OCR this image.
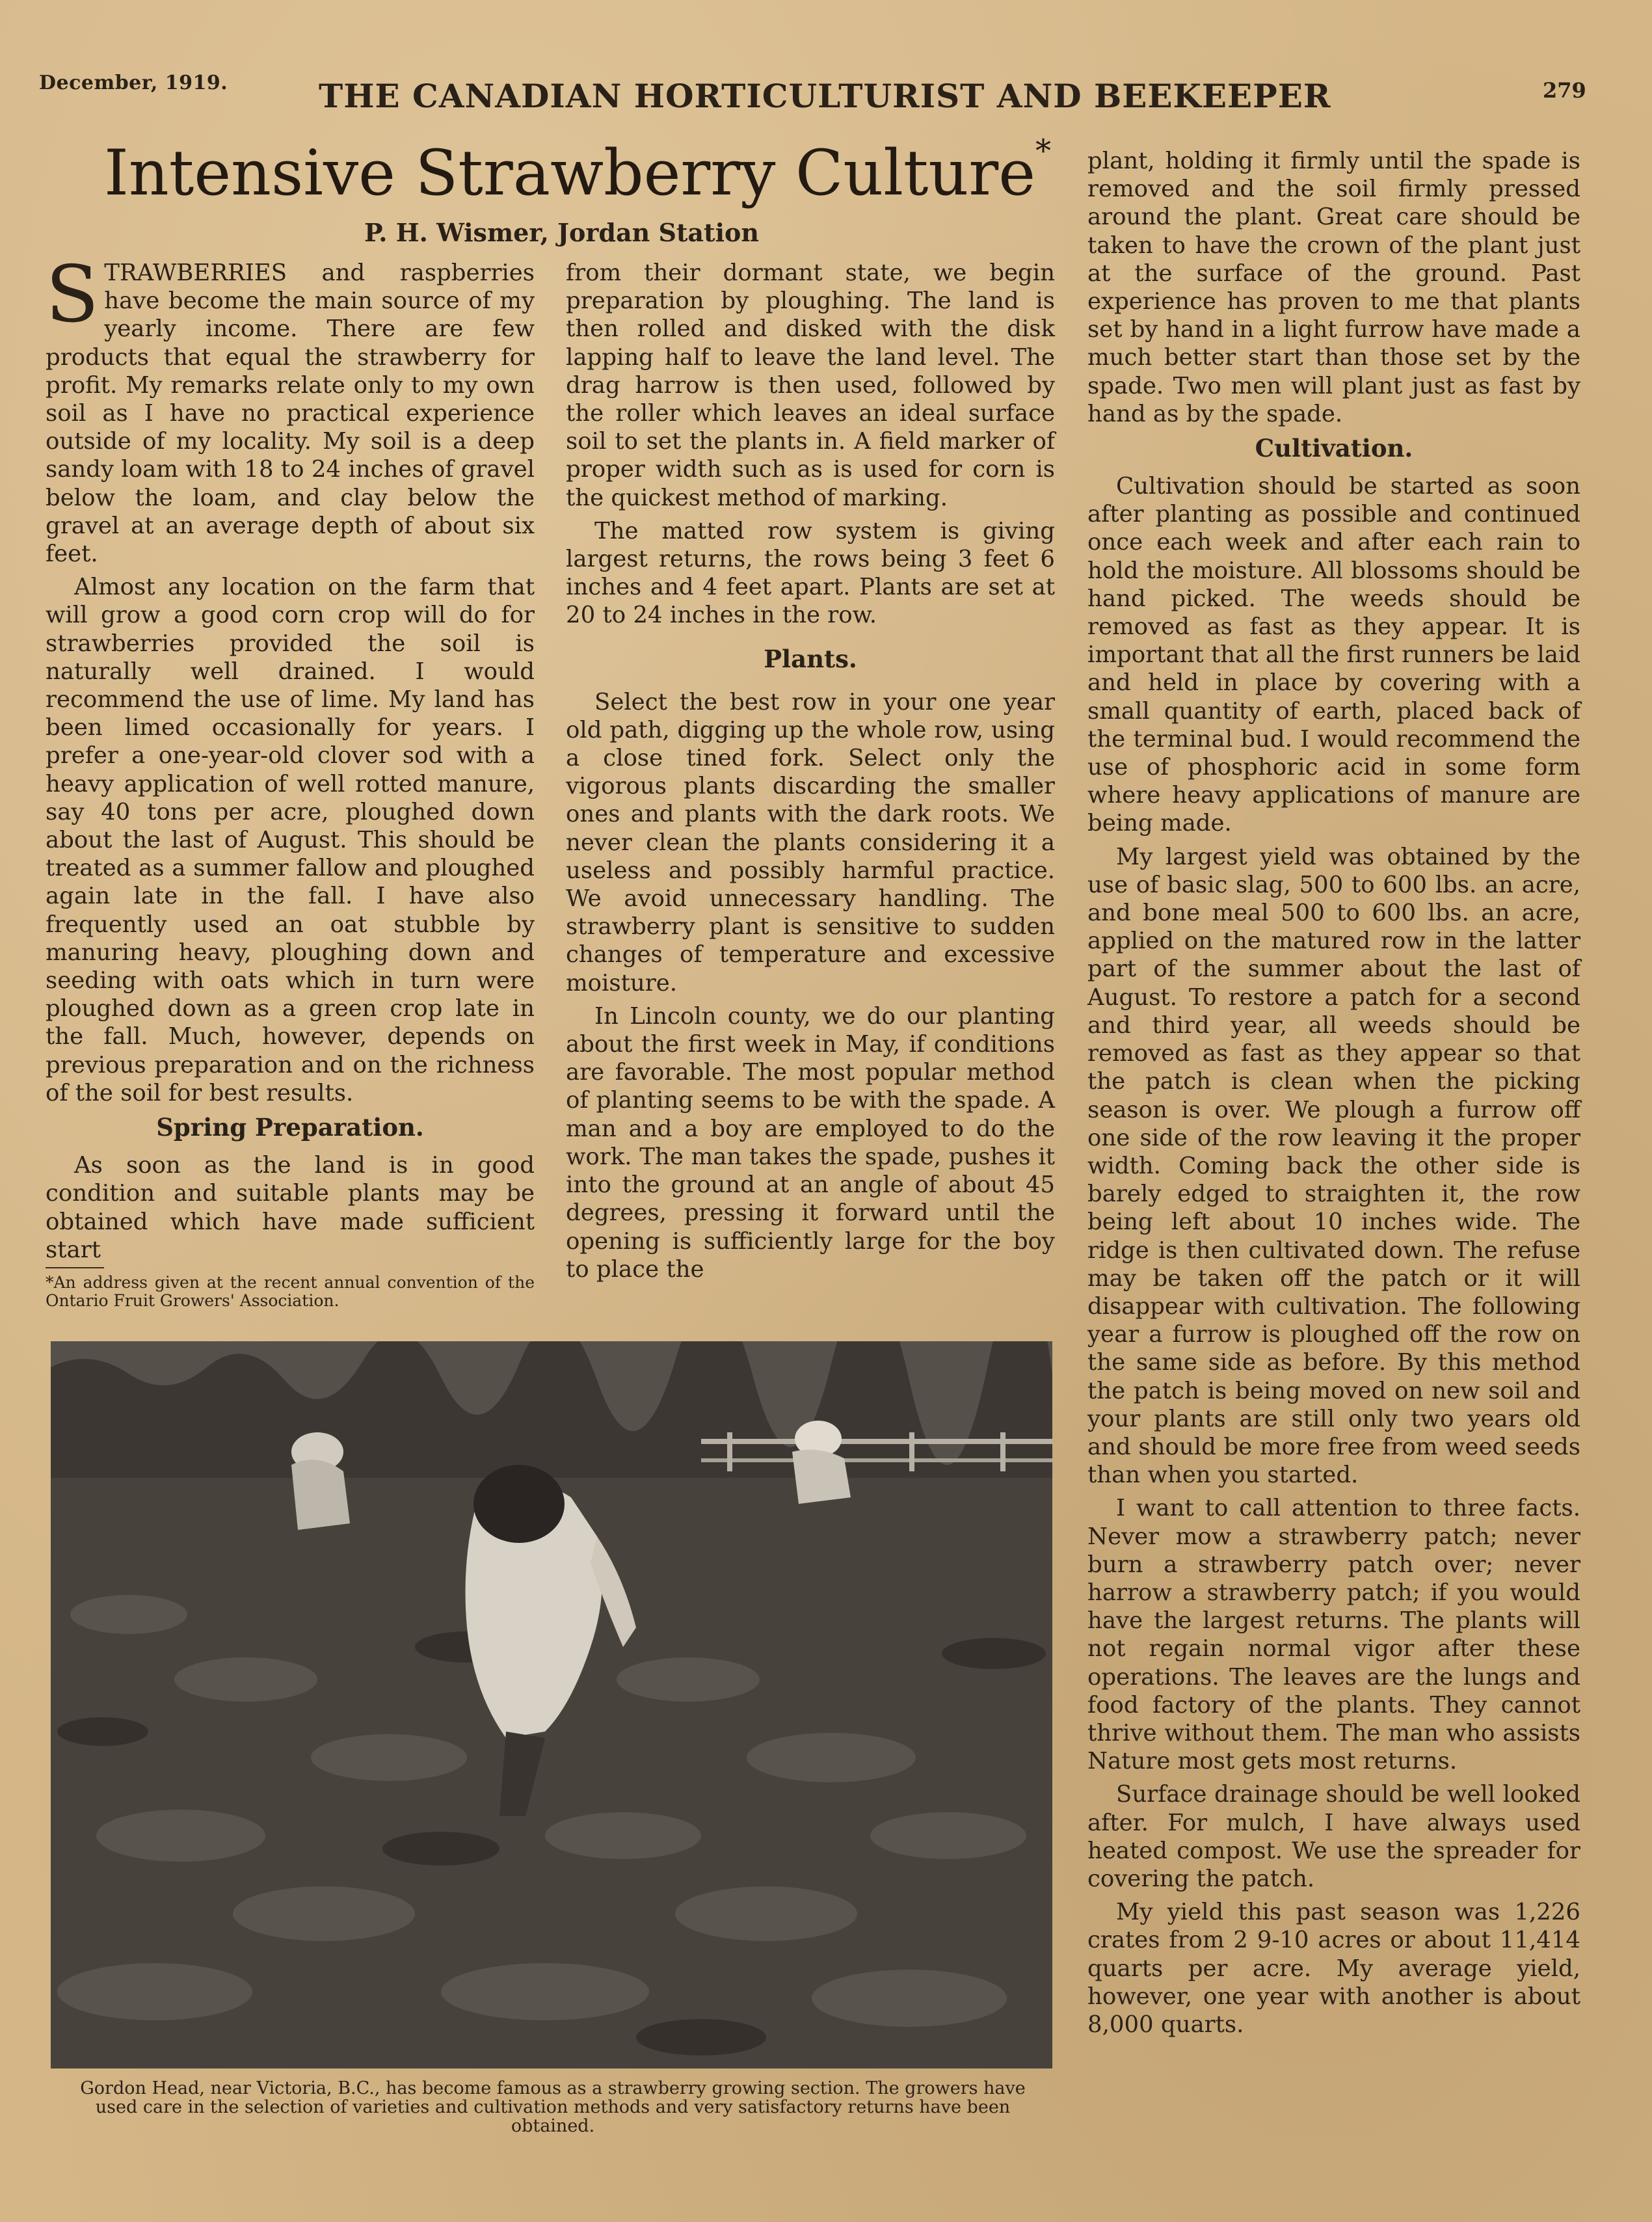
December, 1919.	THE CANADIAN HORTICULTURIST AND BEEKEEPER	279
Intensive Strawberry Culture*
P. H. Wismer, Jordan Station

STRAWBERRIES and raspberries have become the main source of my yearly income. There are few products that equal the strawberry for profit. My remarks relate only to my own soil as I have no practical experience outside of my locality. My soil is a deep sandy loam with 18 to 24 inches of gravel below the loam, and clay below the gravel at an average depth of about six feet.

Almost any location on the farm that will grow a good corn crop will do for strawberries provided the soil is naturally well drained. I would recommend the use of lime. My land has been limed occasionally for years. I prefer a one-year-old clover sod with a heavy application of well rotted manure, say 40 tons per acre, ploughed down about the last of August. This should be treated as a summer fallow and ploughed again late in the fall. I have also frequently used an oat stubble by manuring heavy, ploughing down and seeding with oats which in turn were ploughed down as a green crop late in the fall. Much, however, depends on previous preparation and on the richness of the soil for best results.

Spring Preparation.

As soon as the land is in good condition and suitable plants may be obtained which have made sufficient start

*An address given at the recent annual convention of the Ontario Fruit Growers' Association.

from their dormant state, we begin preparation by ploughing. The land is then rolled and disked with the disk lapping half to leave the land level. The drag harrow is then used, followed by the roller which leaves an ideal surface soil to set the plants in. A field marker of proper width such as is used for corn is the quickest method of marking.

The matted row system is giving largest returns, the rows being 3 feet 6 inches and 4 feet apart. Plants are set at 20 to 24 inches in the row.

Plants.

Select the best row in your one year old path, digging up the whole row, using a close tined fork. Select only the vigorous plants discarding the smaller ones and plants with the dark roots. We never clean the plants considering it a useless and possibly harmful practice. We avoid unnecessary handling. The strawberry plant is sensitive to sudden changes of temperature and excessive moisture.

In Lincoln county, we do our planting about the first week in May, if conditions are favorable. The most popular method of planting seems to be with the spade. A man and a boy are employed to do the work. The man takes the spade, pushes it into the ground at an angle of about 45 degrees, pressing it forward until the opening is sufficiently large for the boy to place the

plant, holding it firmly until the spade is removed and the soil firmly pressed around the plant. Great care should be taken to have the crown of the plant just at the surface of the ground. Past experience has proven to me that plants set by hand in a light furrow have made a much better start than those set by the spade. Two men will plant just as fast by hand as by the spade.

Cultivation.

Cultivation should be started as soon after planting as possible and continued once each week and after each rain to hold the moisture. All blossoms should be hand picked. The weeds should be removed as fast as they appear. It is important that all the first runners be laid and held in place by covering with a small quantity of earth, placed back of the terminal bud. I would recommend the use of phosphoric acid in some form where heavy applications of manure are being made.

My largest yield was obtained by the use of basic slag, 500 to 600 lbs. an acre, and bone meal 500 to 600 lbs. an acre, applied on the matured row in the latter part of the summer about the last of August. To restore a patch for a second and third year, all weeds should be removed as fast as they appear so that the patch is clean when the picking season is over. We plough a furrow off one side of the row leaving it the proper width. Coming back the other side is barely edged to straighten it, the row being left about 10 inches wide. The ridge is then cultivated down. The refuse may be taken off the patch or it will disappear with cultivation. The following year a furrow is ploughed off the row on the same side as before. By this method the patch is being moved on new soil and your plants are still only two years old and should be more free from weed seeds than when you started.

I want to call attention to three facts. Never mow a strawberry patch; never burn a strawberry patch over; never harrow a strawberry patch; if you would have the largest returns. The plants will not regain normal vigor after these operations. The leaves are the lungs and food factory of the plants. They cannot thrive without them. The man who assists Nature most gets most returns.

Surface drainage should be well looked after. For mulch, I have always used heated compost. We use the spreader for covering the patch.

My yield this past season was 1,226 crates from 2 9-10 acres or about 11,414 quarts per acre. My average yield, however, one year with another is about 8,000 quarts.

Gordon Head, near Victoria, B.C., has become famous as a strawberry growing section. The growers have used care in the selection of varieties and cultivation methods and very satisfactory returns have been obtained.
